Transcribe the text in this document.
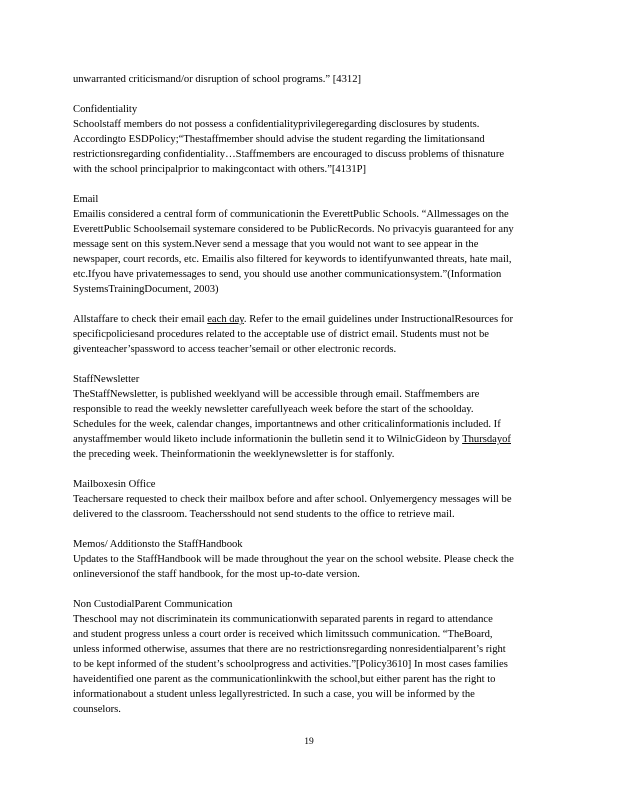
unwarranted criticismand/or disruption of school programs.” [4312]
Confidentiality
Schoolstaff members do not possess a confidentialityprivilegeregarding disclosures by students.
Accordingto ESDPolicy;“Thestaffmember should advise the student regarding the limitationsand
restrictionsregarding confidentiality…Staffmembers are encouraged to discuss problems of thisnature
with the school principalprior to makingcontact with others.”[4131P]
Email
Emailis considered a central form of communicationin the EverettPublic Schools. “Allmessages on the
EverettPublic Schoolsemail systemare considered to be PublicRecords. No privacyis guaranteed for any
message sent on this system.Never send a message that you would not want to see appear in the
newspaper, court records, etc. Emailis also filtered for keywords to identifyunwanted threats, hate mail,
etc.Ifyou have privatemessages to send, you should use another communicationsystem.”(Information
SystemsTrainingDocument, 2003)
Allstaffare to check their email each day. Refer to the email guidelines under InstructionalResources for
specificpoliciesand procedures related to the acceptable use of district email. Students must not be
giventeacher’spassword to access teacher’semail or other electronic records.
StaffNewsletter
TheStaffNewsletter, is published weeklyand will be accessible through email. Staffmembers are
responsible to read the weekly newsletter carefullyeach week before the start of the schoolday.
Schedules for the week, calendar changes, importantnews and other criticalinformationis included. If
anystaffmember would liketo include informationin the bulletin send it to WilnicGideon by Thursdayof
the preceding week. Theinformationin the weeklynewsletter is for staffonly.
Mailboxesin Office
Teachersare requested to check their mailbox before and after school. Onlyemergency messages will be
delivered to the classroom. Teachersshould not send students to the office to retrieve mail.
Memos/ Additionsto the StaffHandbook
Updates to the StaffHandbook will be made throughout the year on the school website. Please check the
onlineversionof the staff handbook, for the most up-to-date version.
Non CustodialParent Communication
Theschool may not discriminatein its communicationwith separated parents in regard to attendance
and student progress unless a court order is received which limitssuch communication. “TheBoard,
unless informed otherwise, assumes that there are no restrictionsregarding nonresidentialparent’s right
to be kept informed of the student’s schoolprogress and activities.”[Policy3610] In most cases families
haveidentified one parent as the communicationlinkwith the school,but either parent has the right to
informationabout a student unless legallyrestricted. In such a case, you will be informed by the
counselors.
19
